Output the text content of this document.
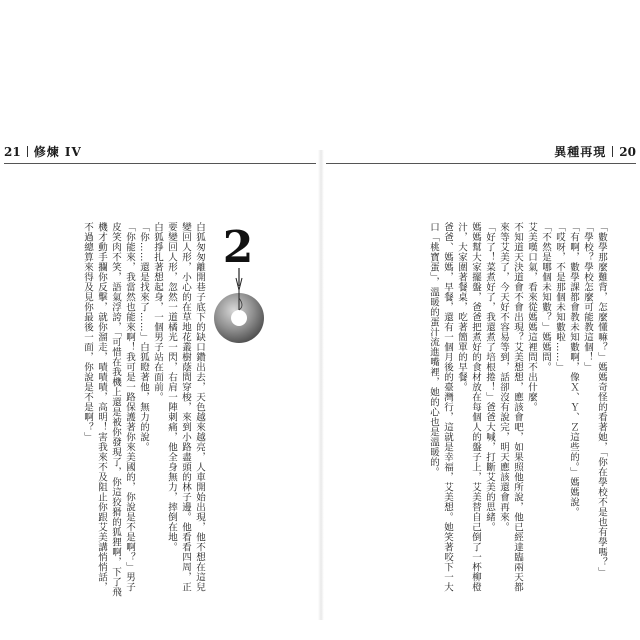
21 修煉 IV	異種再現 20
「數學那麼難背，怎麼懂嘛？」媽媽奇怪的看著她，「你在學校不是也有學嗎？」
「學校？學校怎麼可能教這個！」
「有啊，數學課都會教未知數啊，像Ｘ、Ｙ、Ｚ這些的。」媽媽說。
「哎呀，不是那個未知數啦……」
「不然是哪個未知數？」媽媽問。
艾美嘆口氣，看來從媽媽這裡問不出什麼。
不知道天決道會不會出現？艾美想想，應該會吧，如果照他所說，他已經達臨兩天都來等艾美了，今天好不容易等到，話卻沒有說完，明天應該還會再來。
「好了！菜煮好了，我還煮了培根捲！」爸爸大喊，打斷艾美的思緒。
媽媽幫大家擺盤，爸爸把煮好的食材放在每個人的盤子上，艾美替自己倒了一杯柳橙汁，大家圍著餐桌，吃著簡單的早餐。
爸爸、媽媽，早餐，還有一個月後的臺灣行，這就是幸福，艾美想。她笑著咬下一大口「桃寶蛋」，溫暖的蛋汁流進嘴裡，她的心也是溫暖的。
2
白狐匆匆離開巷子底下的缺口鑽出去，天色越來越亮，人車開始出現，他不想在這兒變回人形，小心的在草地花叢樹蔭間穿梭，來到小路盡頭的林子邊。他看看四周，正要變回人形，忽然一道橘光一閃，右肩一陣刺痛，他全身無力，摔倒在地。
白狐掙扎著想起身，一個男子站在面前。
「你……還是找來了……」白狐瞪著他，無力的說。
「你能來，我當然也能來啊！我可是一路保護著你來美國的，你說是不是啊？」男子皮笑肉不笑，語氣浮誇，「可惜在我機上還是被你發現了，你這狡猾的狐狸啊，下了飛機才動手攔你反擊，就你溜走，嘖嘖嘖，高明！害我來不及阻止你跟艾美講悄悄話，不過總算來得及見你最後一面，你說是不是啊？」
